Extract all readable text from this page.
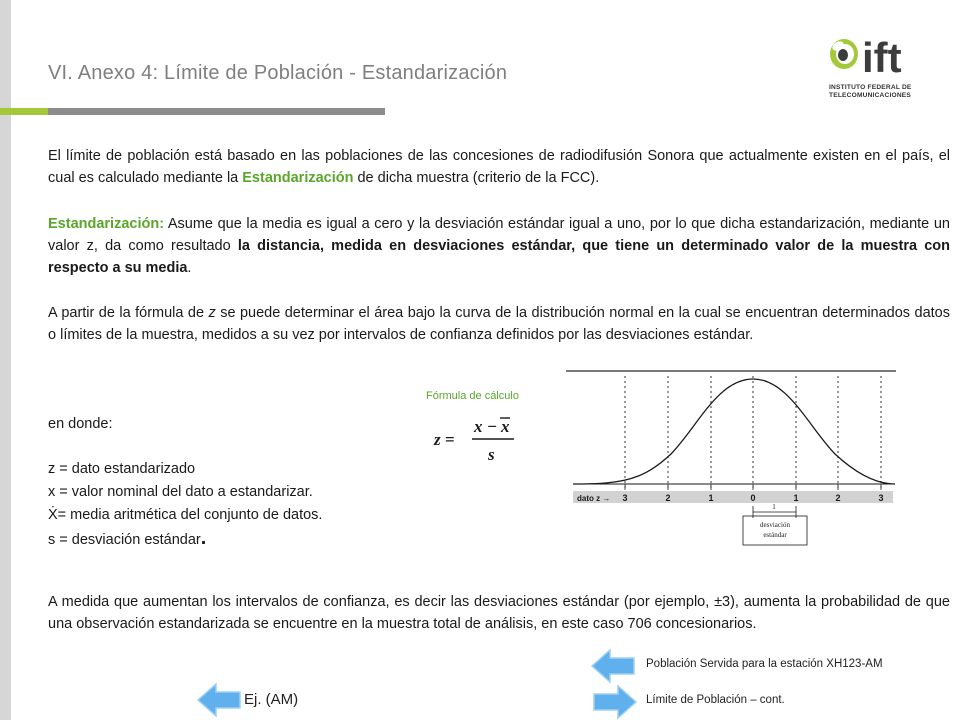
VI. Anexo 4: Límite de Población - Estandarización	ift
INSTITUTO FEDERAL DE
TELECOMUNICACIONES
El límite de población está basado en las poblaciones de las concesiones de radiodifusión Sonora que actualmente existen en el país, el cual es calculado mediante la Estandarización de dicha muestra (criterio de la FCC).
Estandarización: Asume que la media es igual a cero y la desviación estándar igual a uno, por lo que dicha estandarización, mediante un valor z, da como resultado la distancia, medida en desviaciones estándar, que tiene un determinado valor de la muestra con respecto a su media.
A partir de la fórmula de z se puede determinar el área bajo la curva de la distribución normal en la cual se encuentran determinados datos o límites de la muestra, medidos a su vez por intervalos de confianza definidos por las desviaciones estándar.
Fórmula de cálculo
z =
x − x
s
en donde:
z = dato estandarizado
x = valor nominal del dato a estandarizar.
Ẋ= media aritmética del conjunto de datos.
s = desviación estándar.
dato z → 3	2	1	0	1	2	3
1
desviación
estándar
A medida que aumentan los intervalos de confianza, es decir las desviaciones estándar (por ejemplo, ±3), aumenta la probabilidad de que una observación estandarizada se encuentre en la muestra total de análisis, en este caso 706 concesionarios.
Población Servida para la estación XH123-AM
Ej. (AM)	Límite de Población – cont.
